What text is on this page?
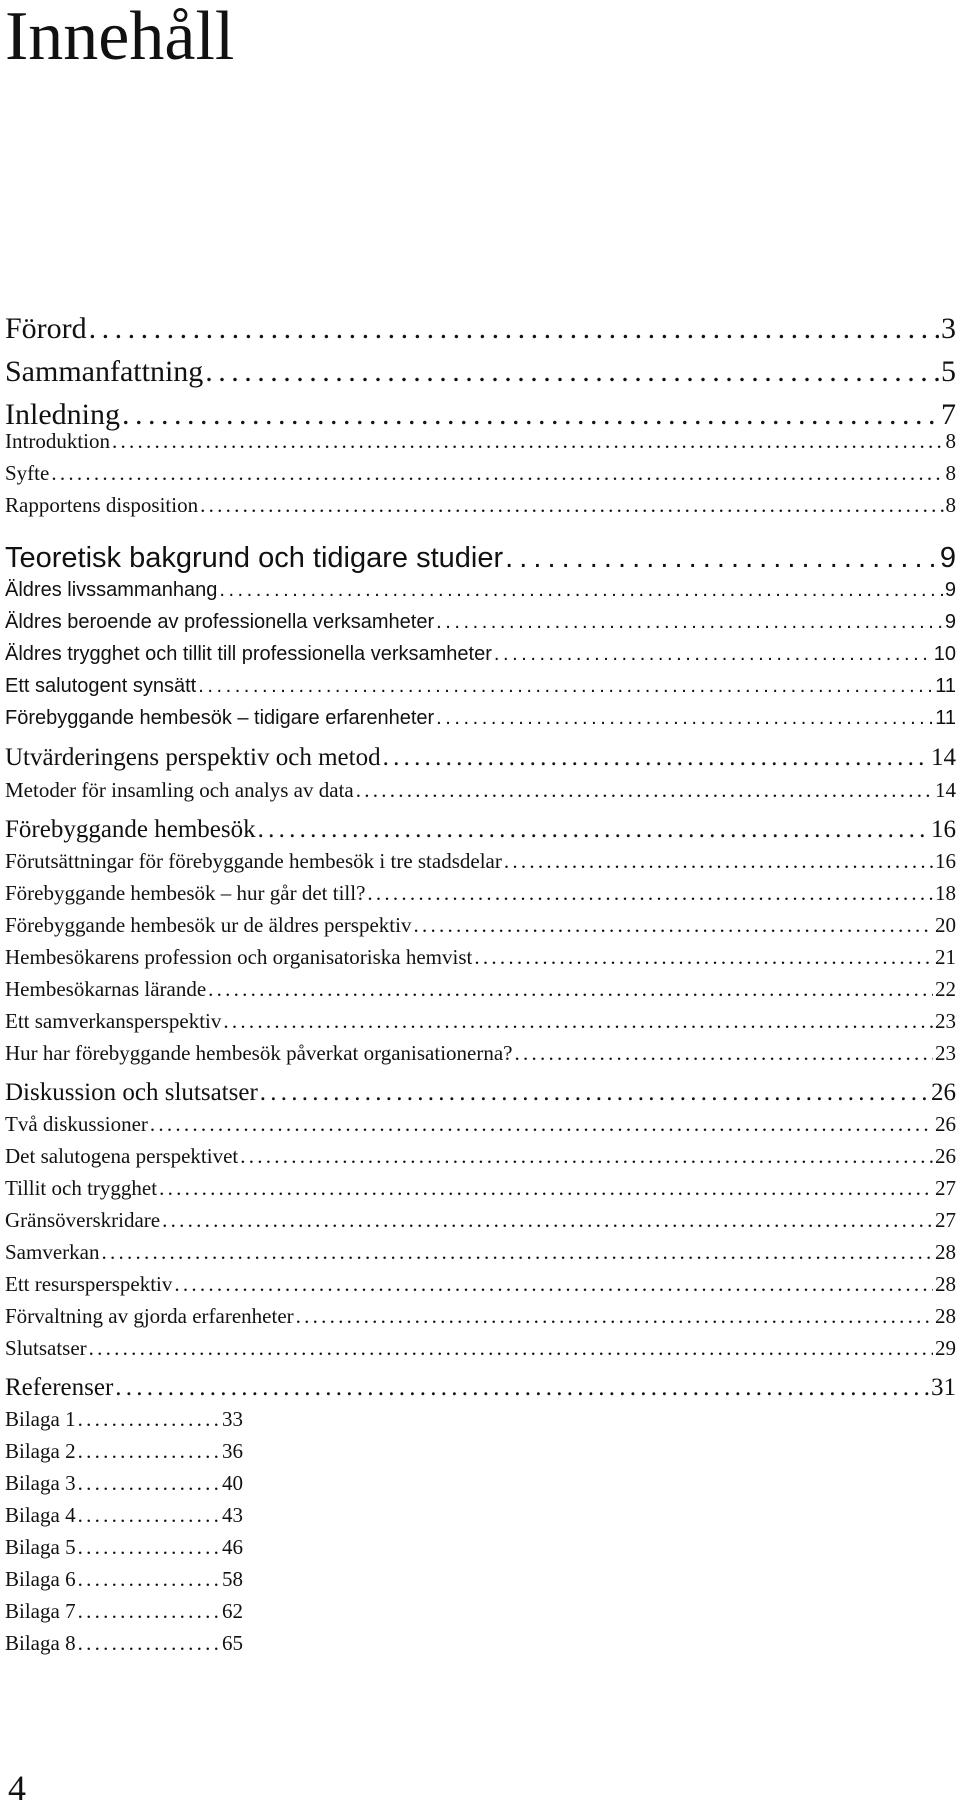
Innehåll
Förord . . .	3
Sammanfattning . . .	5
Inledning . . .	7
Introduktion . . .	8
Syfte . . .	8
Rapportens disposition . . .	8
Teoretisk bakgrund och tidigare studier . . .	9
Äldres livssammanhang . . .	9
Äldres beroende av professionella verksamheter . . .	9
Äldres trygghet och tillit till professionella verksamheter . . .	10
Ett salutogent synsätt . . .	11
Förebyggande hembesök – tidigare erfarenheter . . .	11
Utvärderingens perspektiv och metod . . .	14
Metoder för insamling och analys av data . . .	14
Förebyggande hembesök . . .	16
Förutsättningar för förebyggande hembesök i tre stadsdelar . . .	16
Förebyggande hembesök – hur går det till? . . .	18
Förebyggande hembesök ur de äldres perspektiv . . .	20
Hembesökarens profession och organisatoriska hemvist . . .	21
Hembesökarnas lärande . . .	22
Ett samverkansperspektiv . . .	23
Hur har förebyggande hembesök påverkat organisationerna? . . .	23
Diskussion och slutsatser . . .	26
Två diskussioner . . .	26
Det salutogena perspektivet . . .	26
Tillit och trygghet . . .	27
Gränsöverskridare . . .	27
Samverkan . . .	28
Ett resursperspektiv . . .	28
Förvaltning av gjorda erfarenheter . . .	28
Slutsatser . . .	29
Referenser . . .	31
Bilaga 1 . . .	33
Bilaga 2 . . .	36
Bilaga 3 . . .	40
Bilaga 4 . . .	43
Bilaga 5 . . .	46
Bilaga 6 . . .	58
Bilaga 7 . . .	62
Bilaga 8 . . .	65
4
